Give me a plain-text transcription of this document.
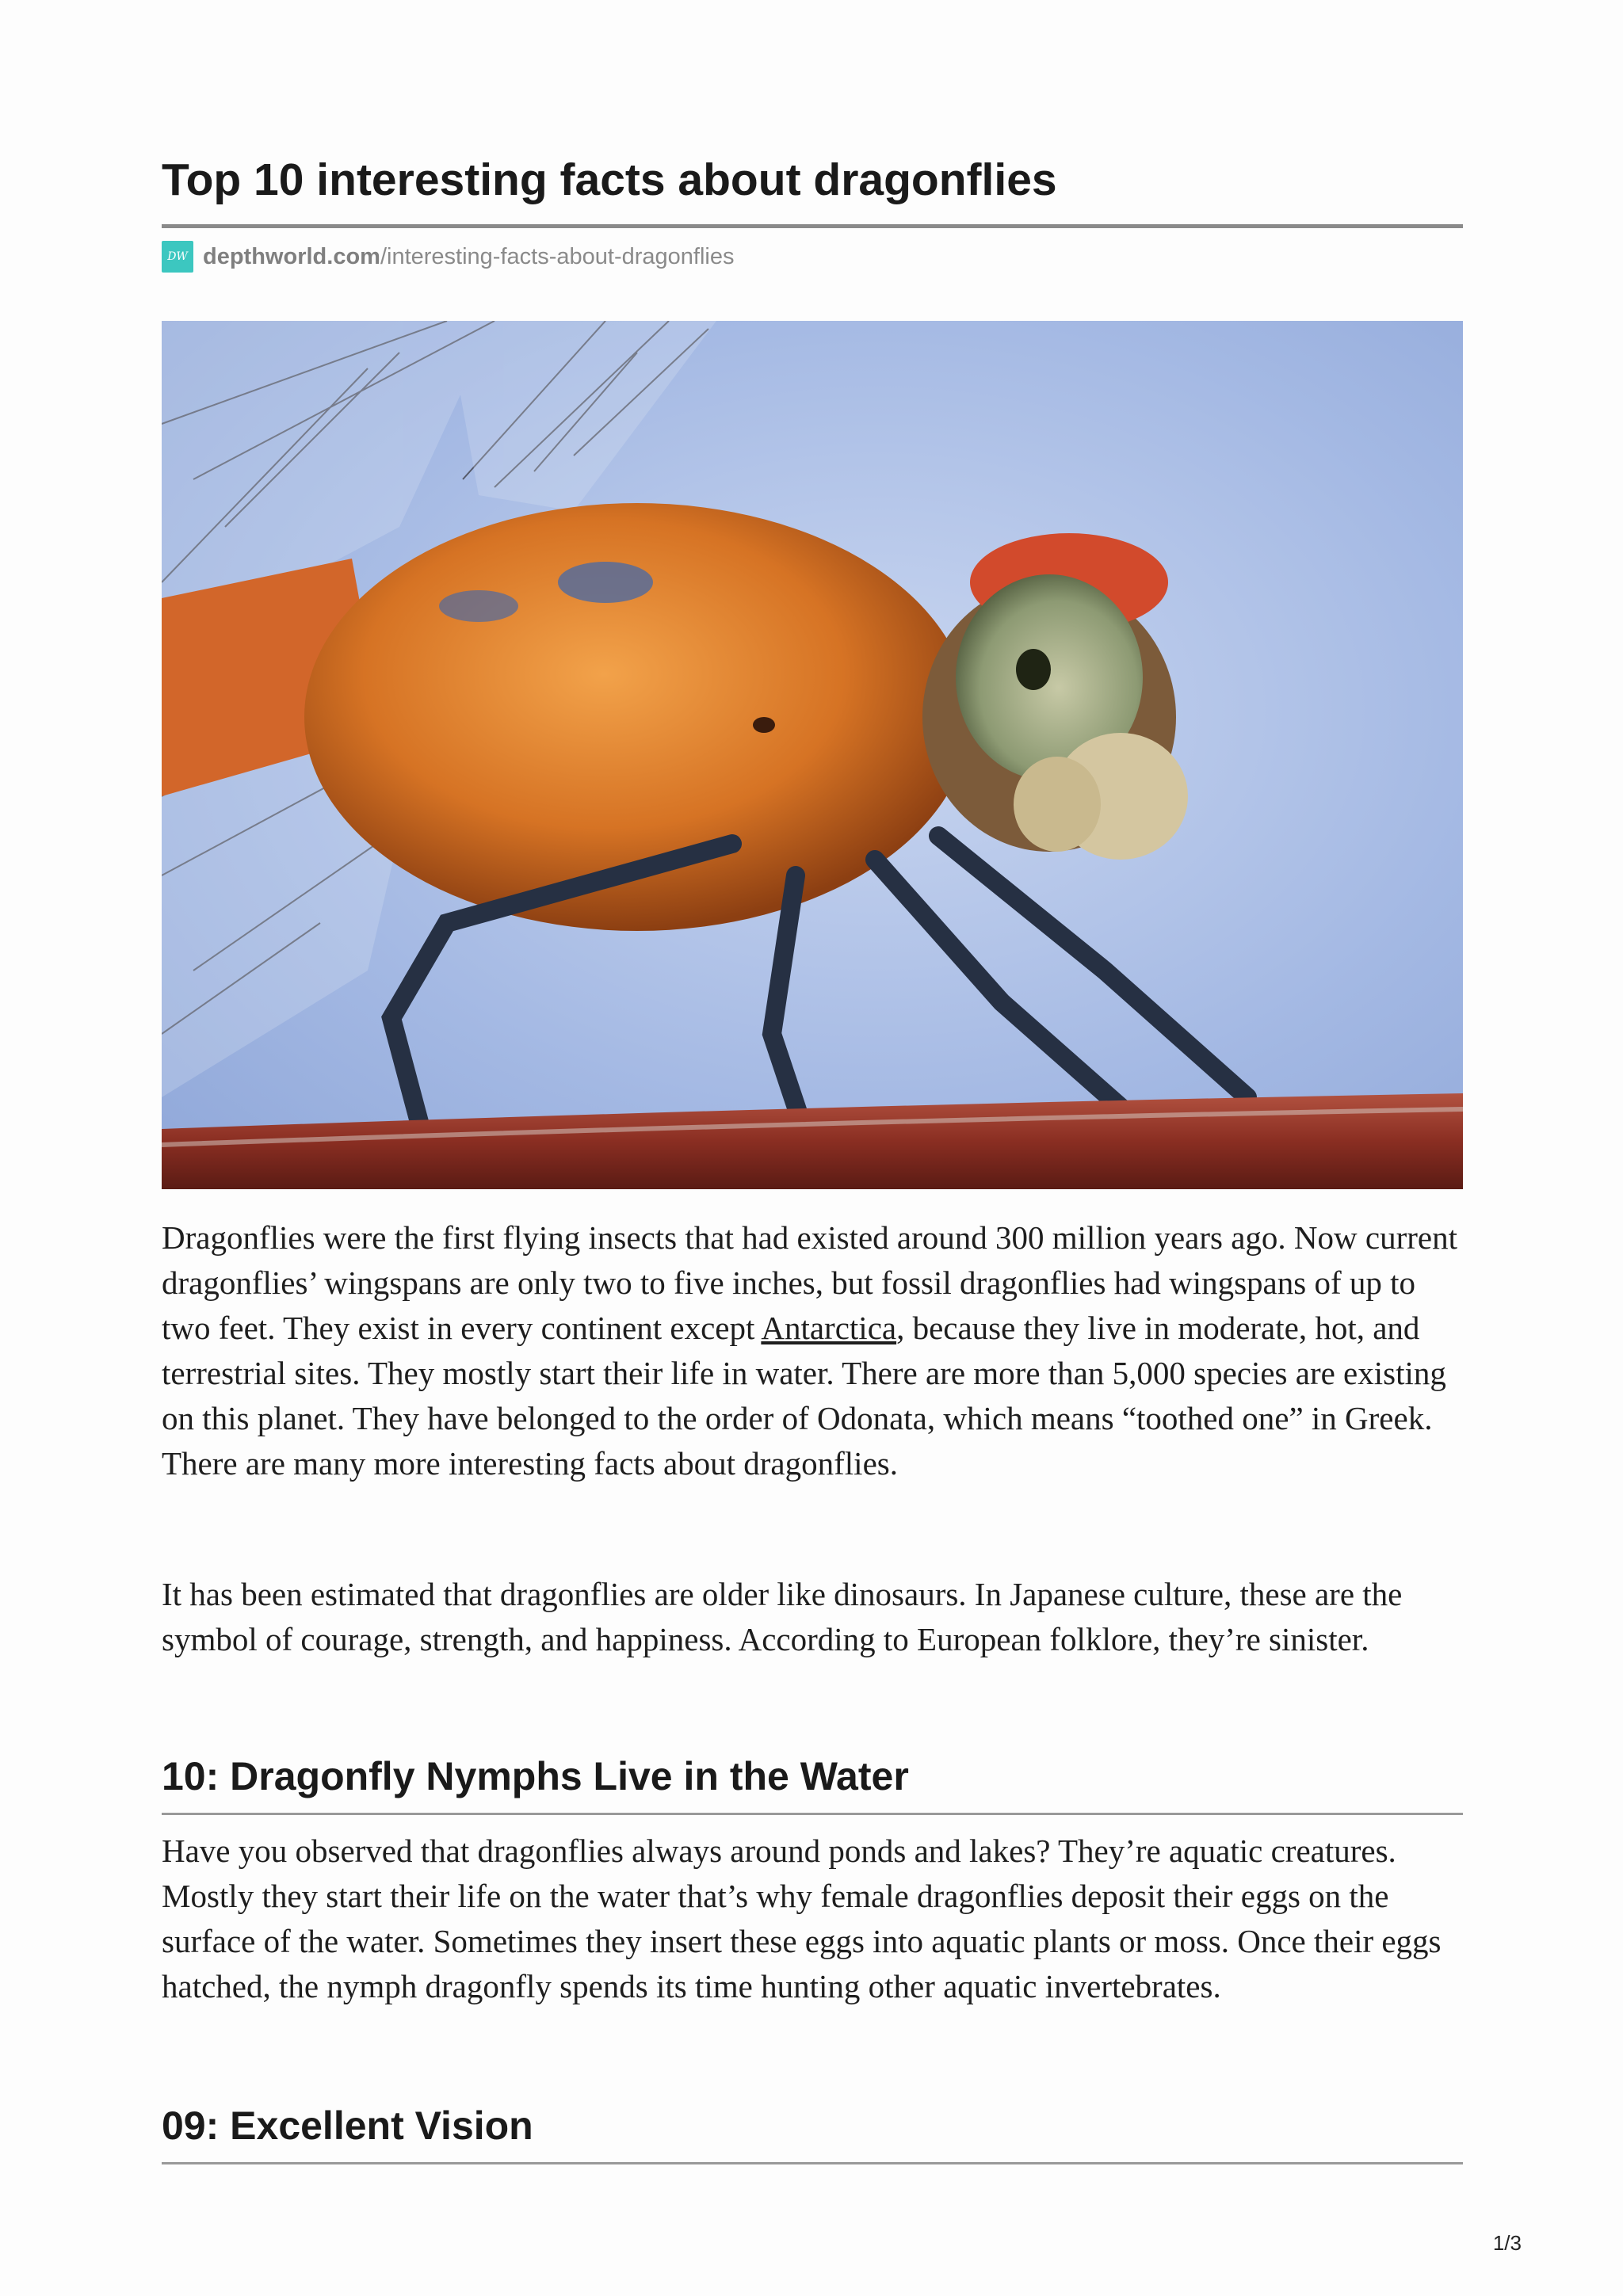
Top 10 interesting facts about dragonflies
DW depthworld.com /interesting-facts-about-dragonflies

Dragonflies were the first flying insects that had existed around 300 million years ago. Now current dragonflies’ wingspans are only two to five inches, but fossil dragonflies had wingspans of up to two feet. They exist in every continent except Antarctica, because they live in moderate, hot, and terrestrial sites. They mostly start their life in water. There are more than 5,000 species are existing on this planet. They have belonged to the order of Odonata, which means “toothed one” in Greek. There are many more interesting facts about dragonflies.

It has been estimated that dragonflies are older like dinosaurs. In Japanese culture, these are the symbol of courage, strength, and happiness. According to European folklore, they’re sinister.

10: Dragonfly Nymphs Live in the Water

Have you observed that dragonflies always around ponds and lakes? They’re aquatic creatures. Mostly they start their life on the water that’s why female dragonflies deposit their eggs on the surface of the water. Sometimes they insert these eggs into aquatic plants or moss. Once their eggs hatched, the nymph dragonfly spends its time hunting other aquatic invertebrates.

09: Excellent Vision
1/3
